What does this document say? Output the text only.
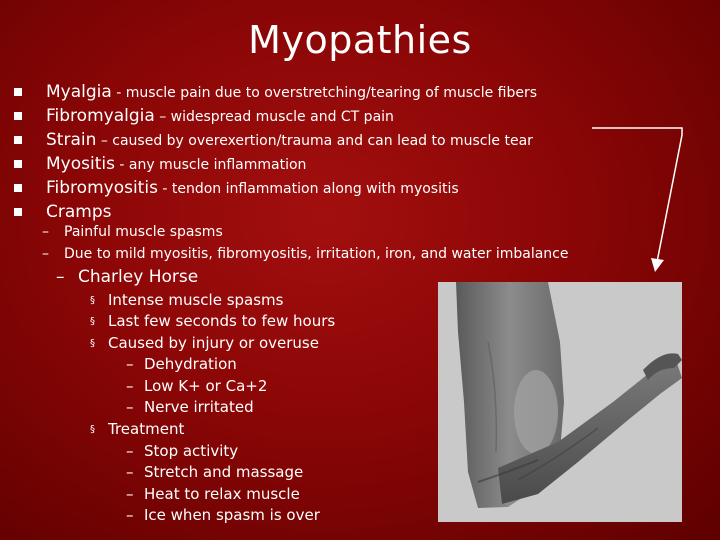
Myopathies
Myalgia - muscle pain due to overstretching/tearing of muscle fibers
Fibromyalgia – widespread muscle and CT pain
Strain – caused by overexertion/trauma and can lead to muscle tear
Myositis - any muscle inflammation
Fibromyositis - tendon inflammation along with myositis
Cramps
– Painful muscle spasms
– Due to mild myositis, fibromyositis, irritation, iron, and water imbalance
– Charley Horse
§ Intense muscle spasms
§ Last few seconds to few hours
§ Caused by injury or overuse
– Dehydration
– Low K+ or Ca+2
– Nerve irritated
§ Treatment
– Stop activity
– Stretch and massage
– Heat to relax muscle
– Ice when spasm is over
